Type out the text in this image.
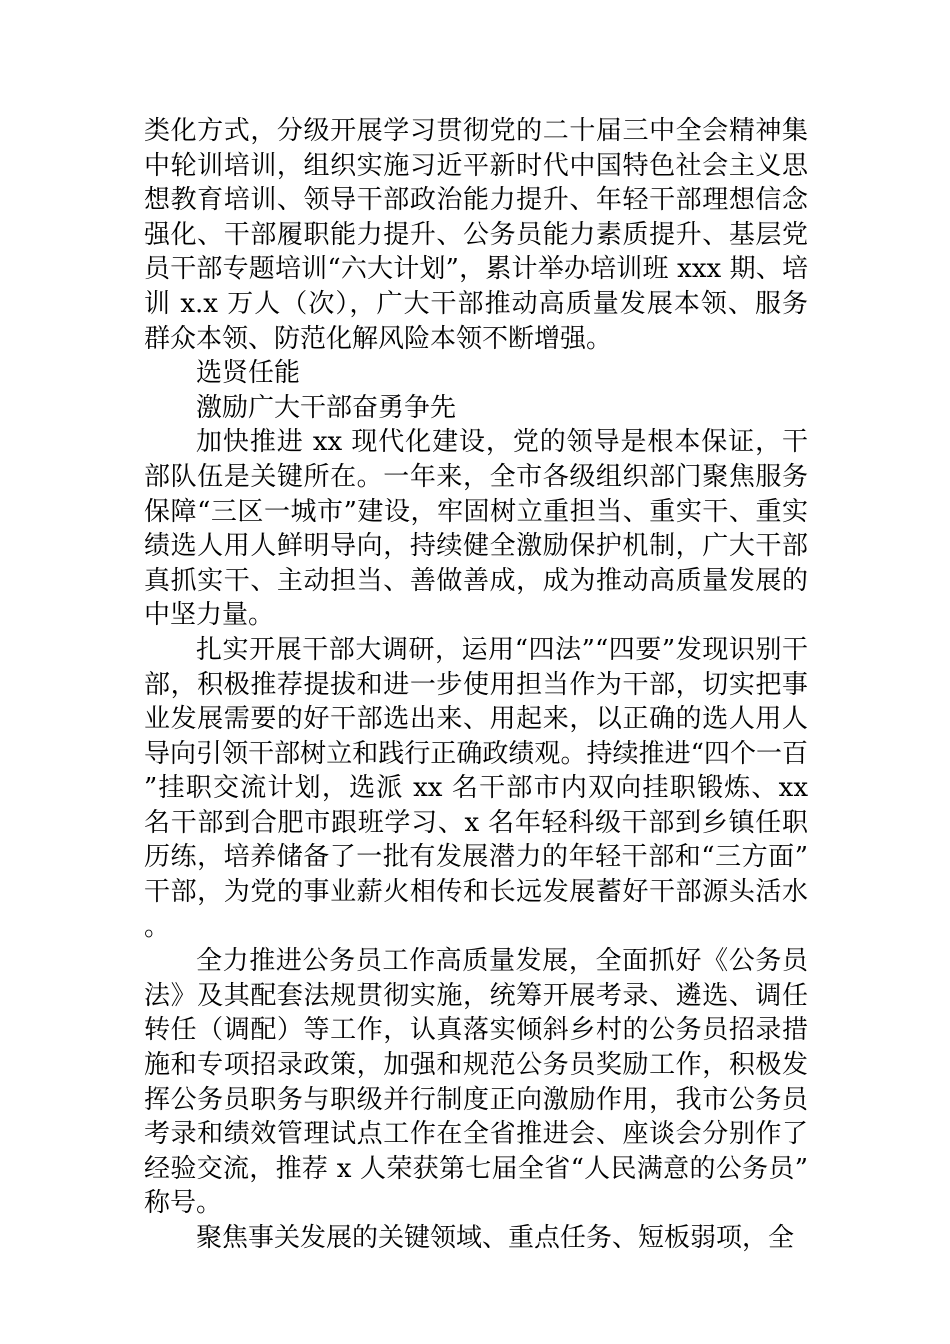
类化方式，分级开展学习贯彻党的二十届三中全会精神集中轮训培训，组织实施习近平新时代中国特色社会主义思想教育培训、领导干部政治能力提升、年轻干部理想信念强化、干部履职能力提升、公务员能力素质提升、基层党员干部专题培训“六大计划”，累计举办培训班 xxx 期、培训 x.x 万人（次），广大干部推动高质量发展本领、服务群众本领、防范化解风险本领不断增强。

选贤任能
激励广大干部奋勇争先

加快推进 xx 现代化建设，党的领导是根本保证，干部队伍是关键所在。一年来，全市各级组织部门聚焦服务保障“三区一城市”建设，牢固树立重担当、重实干、重实绩选人用人鲜明导向，持续健全激励保护机制，广大干部真抓实干、主动担当、善做善成，成为推动高质量发展的中坚力量。

扎实开展干部大调研，运用“四法”“四要”发现识别干部，积极推荐提拔和进一步使用担当作为干部，切实把事业发展需要的好干部选出来、用起来，以正确的选人用人导向引领干部树立和践行正确政绩观。持续推进“四个一百”挂职交流计划，选派 xx 名干部市内双向挂职锻炼、xx 名干部到合肥市跟班学习、x 名年轻科级干部到乡镇任职历练，培养储备了一批有发展潜力的年轻干部和“三方面”干部，为党的事业薪火相传和长远发展蓄好干部源头活水。

全力推进公务员工作高质量发展，全面抓好《公务员法》及其配套法规贯彻实施，统筹开展考录、遴选、调任转任（调配）等工作，认真落实倾斜乡村的公务员招录措施和专项招录政策，加强和规范公务员奖励工作，积极发挥公务员职务与职级并行制度正向激励作用，我市公务员考录和绩效管理试点工作在全省推进会、座谈会分别作了经验交流，推荐 x 人荣获第七届全省“人民满意的公务员”称号。

聚焦事关发展的关键领域、重点任务、短板弱项，全
